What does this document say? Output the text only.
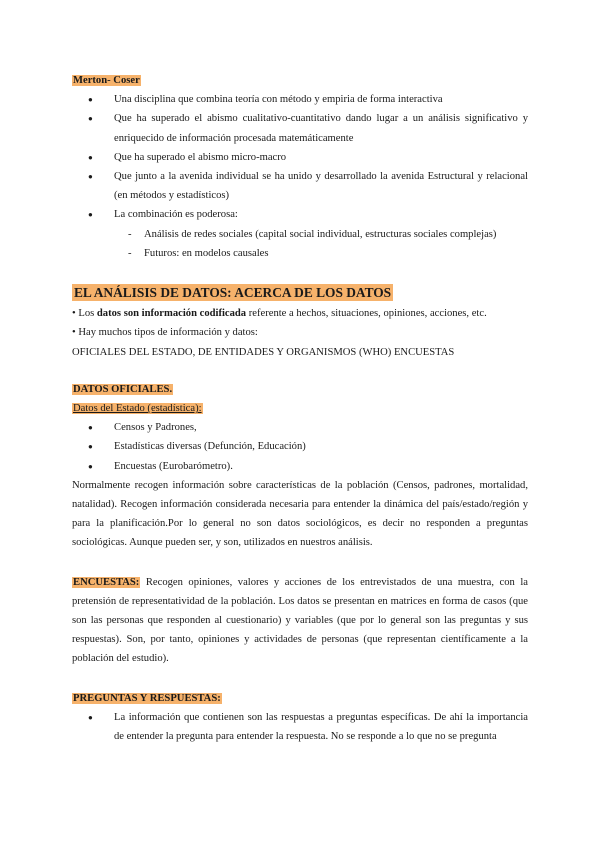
Merton- Coser

● Una disciplina que combina teoría con método y empiria de forma interactiva
● Que ha superado el abismo cualitativo-cuantitativo dando lugar a un análisis significativo y enriquecido de información procesada matemáticamente
● Que ha superado el abismo micro-macro
● Que junto a la avenida individual se ha unido y desarrollado la avenida Estructural y relacional (en métodos y estadísticos)
● La combinación es poderosa:
- Análisis de redes sociales (capital social individual, estructuras sociales complejas)
- Futuros: en modelos causales

EL ANÁLISIS DE DATOS: ACERCA DE LOS DATOS

• Los datos son información codificada referente a hechos, situaciones, opiniones, acciones, etc.

• Hay muchos tipos de información y datos:

OFICIALES DEL ESTADO, DE ENTIDADES Y ORGANISMOS (WHO) ENCUESTAS

DATOS OFICIALES.

Datos del Estado (estadística):

● Censos y Padrones,
● Estadísticas diversas (Defunción, Educación)
● Encuestas (Eurobarómetro).

Normalmente recogen información sobre características de la población (Censos, padrones, mortalidad, natalidad). Recogen información considerada necesaria para entender la dinámica del país/estado/región y para la planificación.Por lo general no son datos sociológicos, es decir no responden a preguntas sociológicas. Aunque pueden ser, y son, utilizados en nuestros análisis.

ENCUESTAS: Recogen opiniones, valores y acciones de los entrevistados de una muestra, con la pretensión de representatividad de la población. Los datos se presentan en matrices en forma de casos (que son las personas que responden al cuestionario) y variables (que por lo general son las preguntas y sus respuestas). Son, por tanto, opiniones y actividades de personas (que representan científicamente a la población del estudio).

PREGUNTAS Y RESPUESTAS:

● La información que contienen son las respuestas a preguntas específicas. De ahí la importancia de entender la pregunta para entender la respuesta. No se responde a lo que no se pregunta
